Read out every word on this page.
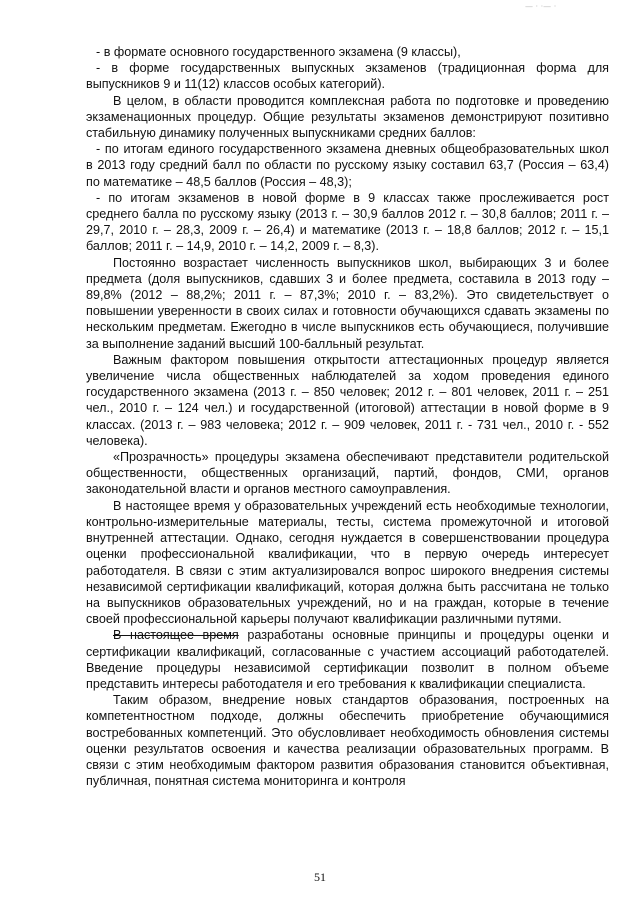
— · ·— ·

- в формате основного государственного экзамена (9 классы),

- в форме государственных выпускных экзаменов (традиционная форма для выпускников 9 и 11(12) классов особых категорий).

В целом, в области проводится комплексная работа по подготовке и проведению экзаменационных процедур. Общие результаты экзаменов демонстрируют позитивно стабильную динамику полученных выпускниками средних баллов:

- по итогам единого государственного экзамена дневных общеобразовательных школ в 2013 году средний балл по области по русскому языку составил 63,7 (Россия – 63,4) по математике – 48,5 баллов (Россия – 48,3);

- по итогам экзаменов в новой форме в 9 классах также прослеживается рост среднего балла по русскому языку (2013 г. – 30,9 баллов 2012 г. – 30,8 баллов; 2011 г. – 29,7, 2010 г. – 28,3, 2009 г. – 26,4) и математике (2013 г. – 18,8 баллов; 2012 г. – 15,1 баллов; 2011 г. – 14,9, 2010 г. – 14,2, 2009 г. – 8,3).

Постоянно возрастает численность выпускников школ, выбирающих 3 и более предмета (доля выпускников, сдавших 3 и более предмета, составила в 2013 году – 89,8% (2012 – 88,2%; 2011 г. – 87,3%; 2010 г. – 83,2%). Это свидетельствует о повышении уверенности в своих силах и готовности обучающихся сдавать экзамены по нескольким предметам. Ежегодно в числе выпускников есть обучающиеся, получившие за выполнение заданий высший 100-балльный результат.

Важным фактором повышения открытости аттестационных процедур является увеличение числа общественных наблюдателей за ходом проведения единого государственного экзамена (2013 г. – 850 человек; 2012 г. – 801 человек, 2011 г. – 251 чел., 2010 г. – 124 чел.) и государственной (итоговой) аттестации в новой форме в 9 классах. (2013 г. – 983 человека; 2012 г. – 909 человек, 2011 г. - 731 чел., 2010 г. - 552 человека).

«Прозрачность» процедуры экзамена обеспечивают представители родительской общественности, общественных организаций, партий, фондов, СМИ, органов законодательной власти и органов местного самоуправления.

В настоящее время у образовательных учреждений есть необходимые технологии, контрольно-измерительные материалы, тесты, система промежуточной и итоговой внутренней аттестации. Однако, сегодня нуждается в совершенствовании процедура оценки профессиональной квалификации, что в первую очередь интересует работодателя. В связи с этим актуализировался вопрос широкого внедрения системы независимой сертификации квалификаций, которая должна быть рассчитана не только на выпускников образовательных учреждений, но и на граждан, которые в течение своей профессиональной карьеры получают квалификации различными путями.

В настоящее время разработаны основные принципы и процедуры оценки и сертификации квалификаций, согласованные с участием ассоциаций работодателей. Введение процедуры независимой сертификации позволит в полном объеме представить интересы работодателя и его требования к квалификации специалиста.

Таким образом, внедрение новых стандартов образования, построенных на компетентностном подходе, должны обеспечить приобретение обучающимися востребованных компетенций. Это обусловливает необходимость обновления системы оценки результатов освоения и качества реализации образовательных программ. В связи с этим необходимым фактором развития образования становится объективная, публичная, понятная система мониторинга и контроля

51
